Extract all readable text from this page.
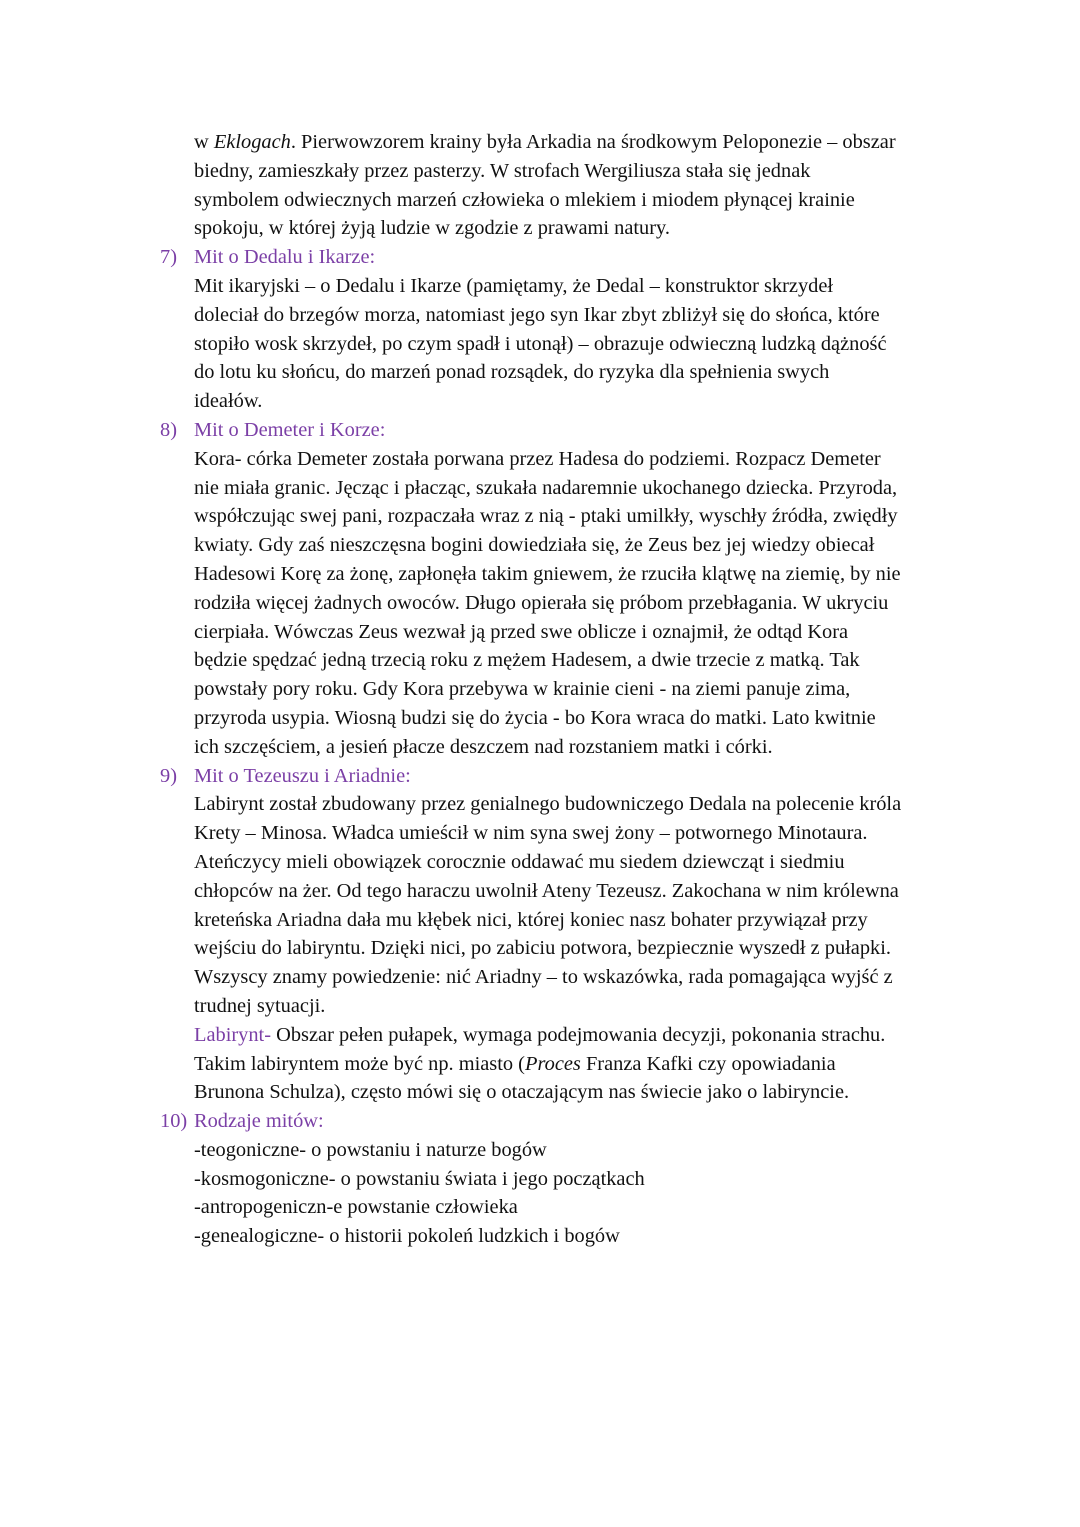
w Eklogach. Pierwowzorem krainy była Arkadia na środkowym Peloponezie – obszar
biedny, zamieszkały przez pasterzy. W strofach Wergiliusza stała się jednak
symbolem odwiecznych marzeń człowieka o mlekiem i miodem płynącej krainie
spokoju, w której żyją ludzie w zgodzie z prawami natury.
7) Mit o Dedalu i Ikarze:
Mit ikaryjski – o Dedalu i Ikarze (pamiętamy, że Dedal – konstruktor skrzydeł
doleciał do brzegów morza, natomiast jego syn Ikar zbyt zbliżył się do słońca, które
stopiło wosk skrzydeł, po czym spadł i utonął) – obrazuje odwieczną ludzką dążność
do lotu ku słońcu, do marzeń ponad rozsądek, do ryzyka dla spełnienia swych
ideałów.
8) Mit o Demeter i Korze:
Kora- córka Demeter została porwana przez Hadesa do podziemi. Rozpacz Demeter
nie miała granic. Jęcząc i płacząc, szukała nadaremnie ukochanego dziecka. Przyroda,
współczując swej pani, rozpaczała wraz z nią - ptaki umilkły, wyschły źródła, zwiędły
kwiaty. Gdy zaś nieszczęsna bogini dowiedziała się, że Zeus bez jej wiedzy obiecał
Hadesowi Korę za żonę, zapłonęła takim gniewem, że rzuciła klątwę na ziemię, by nie
rodziła więcej żadnych owoców. Długo opierała się próbom przebłagania. W ukryciu
cierpiała. Wówczas Zeus wezwał ją przed swe oblicze i oznajmił, że odtąd Kora
będzie spędzać jedną trzecią roku z mężem Hadesem, a dwie trzecie z matką. Tak
powstały pory roku. Gdy Kora przebywa w krainie cieni - na ziemi panuje zima,
przyroda usypia. Wiosną budzi się do życia - bo Kora wraca do matki. Lato kwitnie
ich szczęściem, a jesień płacze deszczem nad rozstaniem matki i córki.
9) Mit o Tezeuszu i Ariadnie:
Labirynt został zbudowany przez genialnego budowniczego Dedala na polecenie króla
Krety – Minosa. Władca umieścił w nim syna swej żony – potwornego Minotaura.
Ateńczycy mieli obowiązek corocznie oddawać mu siedem dziewcząt i siedmiu
chłopców na żer. Od tego haraczu uwolnił Ateny Tezeusz. Zakochana w nim królewna
kreteńska Ariadna dała mu kłębek nici, której koniec nasz bohater przywiązał przy
wejściu do labiryntu. Dzięki nici, po zabiciu potwora, bezpiecznie wyszedł z pułapki.
Wszyscy znamy powiedzenie: nić Ariadny – to wskazówka, rada pomagająca wyjść z
trudnej sytuacji.
Labirynt- Obszar pełen pułapek, wymaga podejmowania decyzji, pokonania strachu.
Takim labiryntem może być np. miasto (Proces Franza Kafki czy opowiadania
Brunona Schulza), często mówi się o otaczającym nas świecie jako o labiryncie.
10) Rodzaje mitów:
-teogoniczne- o powstaniu i naturze bogów
-kosmogoniczne- o powstaniu świata i jego początkach
-antropogeniczn-e powstanie człowieka
-genealogiczne- o historii pokoleń ludzkich i bogów
